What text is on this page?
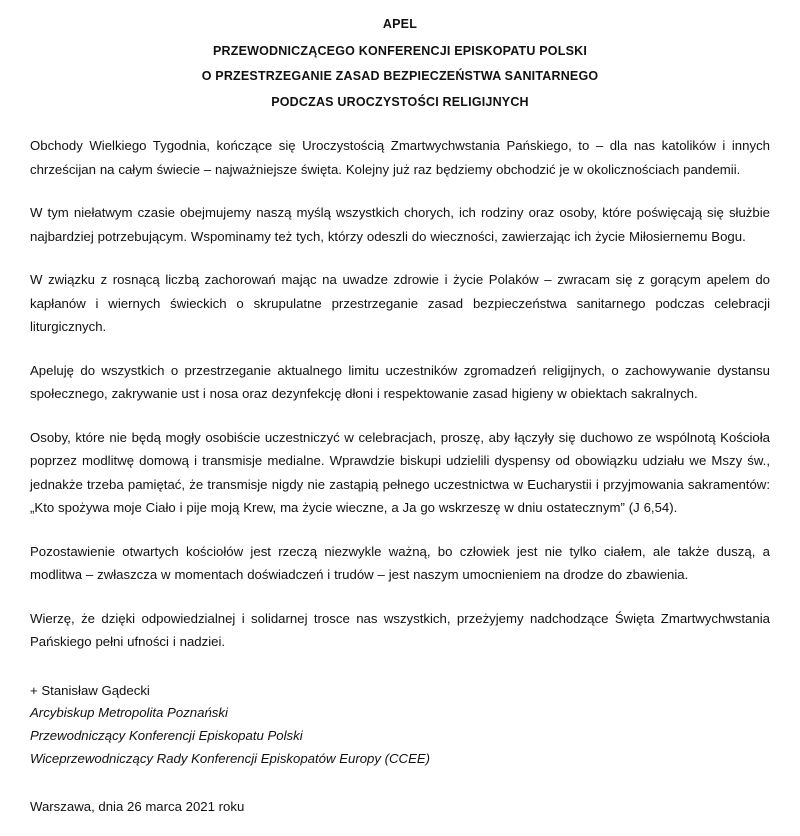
APEL
PRZEWODNICZĄCEGO KONFERENCJI EPISKOPATU POLSKI
O PRZESTRZEGANIE ZASAD BEZPIECZEŃSTWA SANITARNEGO
PODCZAS UROCZYSTOŚCI RELIGIJNYCH

Obchody Wielkiego Tygodnia, kończące się Uroczystością Zmartwychwstania Pańskiego, to – dla nas katolików i innych chrześcijan na całym świecie – najważniejsze święta. Kolejny już raz będziemy obchodzić je w okolicznościach pandemii.

W tym niełatwym czasie obejmujemy naszą myślą wszystkich chorych, ich rodziny oraz osoby, które poświęcają się służbie najbardziej potrzebującym. Wspominamy też tych, którzy odeszli do wieczności, zawierzając ich życie Miłosiernemu Bogu.

W związku z rosnącą liczbą zachorowań mając na uwadze zdrowie i życie Polaków – zwracam się z gorącym apelem do kapłanów i wiernych świeckich o skrupulatne przestrzeganie zasad bezpieczeństwa sanitarnego podczas celebracji liturgicznych.

Apeluję do wszystkich o przestrzeganie aktualnego limitu uczestników zgromadzeń religijnych, o zachowywanie dystansu społecznego, zakrywanie ust i nosa oraz dezynfekcję dłoni i respektowanie zasad higieny w obiektach sakralnych.

Osoby, które nie będą mogły osobiście uczestniczyć w celebracjach, proszę, aby łączyły się duchowo ze wspólnotą Kościoła poprzez modlitwę domową i transmisje medialne. Wprawdzie biskupi udzielili dyspensy od obowiązku udziału we Mszy św., jednakże trzeba pamiętać, że transmisje nigdy nie zastąpią pełnego uczestnictwa w Eucharystii i przyjmowania sakramentów: „Kto spożywa moje Ciało i pije moją Krew, ma życie wieczne, a Ja go wskrzeszę w dniu ostatecznym” (J 6,54).

Pozostawienie otwartych kościołów jest rzeczą niezwykle ważną, bo człowiek jest nie tylko ciałem, ale także duszą, a modlitwa – zwłaszcza w momentach doświadczeń i trudów – jest naszym umocnieniem na drodze do zbawienia.

Wierzę, że dzięki odpowiedzialnej i solidarnej trosce nas wszystkich, przeżyjemy nadchodzące Święta Zmartwychwstania Pańskiego pełni ufności i nadziei.

+ Stanisław Gądecki

Arcybiskup Metropolita Poznański

Przewodniczący Konferencji Episkopatu Polski

Wiceprzewodniczący Rady Konferencji Episkopatów Europy (CCEE)

Warszawa, dnia 26 marca 2021 roku
